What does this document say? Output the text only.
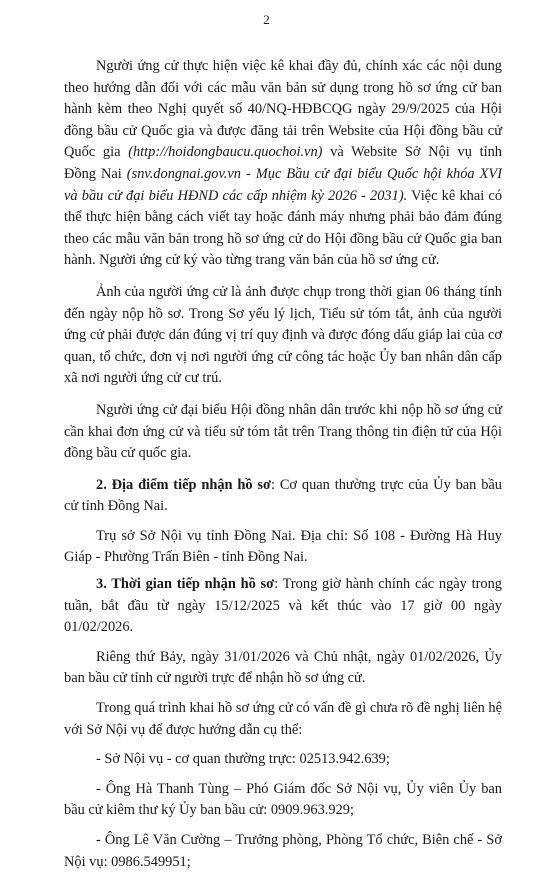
2

Người ứng cử thực hiện việc kê khai đầy đủ, chính xác các nội dung theo hướng dẫn đối với các mẫu văn bản sử dụng trong hồ sơ ứng cử ban hành kèm theo Nghị quyết số 40/NQ-HĐBCQG ngày 29/9/2025 của Hội đồng bầu cử Quốc gia và được đăng tải trên Website của Hội đồng bầu cử Quốc gia (http://hoidongbaucu.quochoi.vn) và Website Sở Nội vụ tỉnh Đồng Nai (snv.dongnai.gov.vn - Mục Bầu cử đại biểu Quốc hội khóa XVI và bầu cử đại biểu HĐND các cấp nhiệm kỳ 2026 - 2031). Việc kê khai có thể thực hiện bằng cách viết tay hoặc đánh máy nhưng phải bảo đảm đúng theo các mẫu văn bản trong hồ sơ ứng cử do Hội đồng bầu cử Quốc gia ban hành. Người ứng cử ký vào từng trang văn bản của hồ sơ ứng cử.

Ảnh của người ứng cử là ảnh được chụp trong thời gian 06 tháng tính đến ngày nộp hồ sơ. Trong Sơ yếu lý lịch, Tiểu sử tóm tắt, ảnh của người ứng cử phải được dán đúng vị trí quy định và được đóng dấu giáp lai của cơ quan, tổ chức, đơn vị nơi người ứng cử công tác hoặc Ủy ban nhân dân cấp xã nơi người ứng cử cư trú.

Người ứng cử đại biểu Hội đồng nhân dân trước khi nộp hồ sơ ứng cử cần khai đơn ứng cử và tiểu sử tóm tắt trên Trang thông tin điện tử của Hội đồng bầu cử quốc gia.

2. Địa điểm tiếp nhận hồ sơ: Cơ quan thường trực của Ủy ban bầu cử tỉnh Đồng Nai.

Trụ sở Sở Nội vụ tỉnh Đồng Nai. Địa chỉ: Số 108 - Đường Hà Huy Giáp - Phường Trấn Biên - tỉnh Đồng Nai.

3. Thời gian tiếp nhận hồ sơ: Trong giờ hành chính các ngày trong tuần, bắt đầu từ ngày 15/12/2025 và kết thúc vào 17 giờ 00 ngày 01/02/2026.

Riêng thứ Bảy, ngày 31/01/2026 và Chủ nhật, ngày 01/02/2026, Ủy ban bầu cử tỉnh cử người trực để nhận hồ sơ ứng cử.

Trong quá trình khai hồ sơ ứng cử có vấn đề gì chưa rõ đề nghị liên hệ với Sở Nội vụ để được hướng dẫn cụ thể:

- Sở Nội vụ - cơ quan thường trực: 02513.942.639;

- Ông Hà Thanh Tùng – Phó Giám đốc Sở Nội vụ, Ủy viên Ủy ban bầu cử kiêm thư ký Ủy ban bầu cử: 0909.963.929;

- Ông Lê Văn Cường – Trưởng phòng, Phòng Tổ chức, Biên chế - Sở Nội vụ: 0986.549951;
